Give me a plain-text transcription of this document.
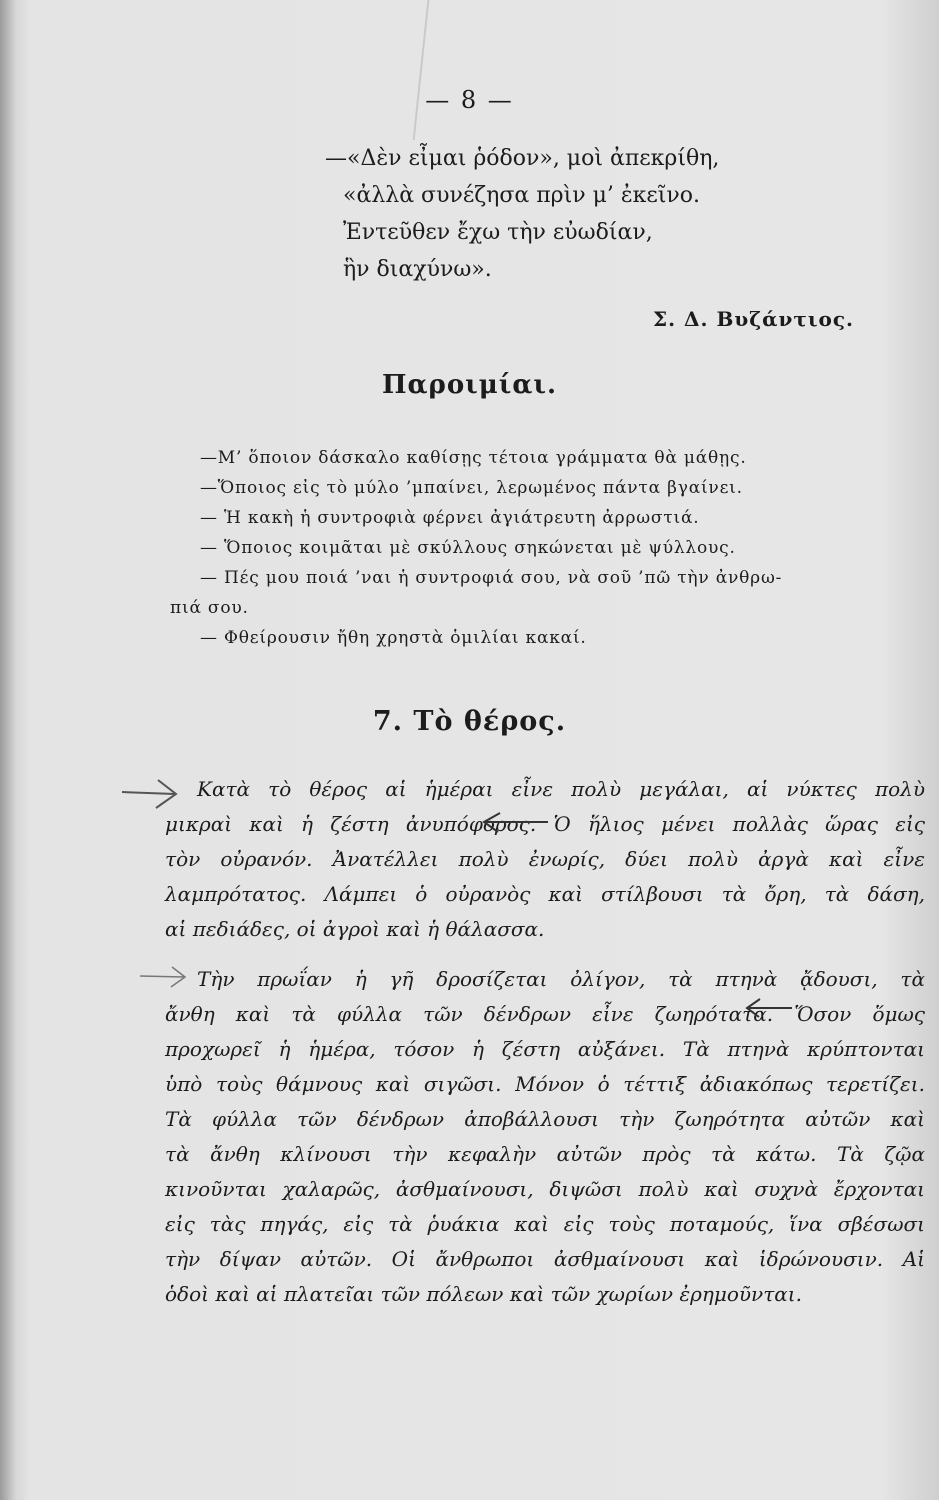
— 8 —
—«Δὲν εἶμαι ῥόδον», μοὶ ἀπεκρίθη,
«ἀλλὰ συνέζησα πρὶν μ’ ἐκεῖνο.
Ἐντεῦθεν ἔχω τὴν εὐωδίαν,
ἣν διαχύνω».
Σ. Δ. Βυζάντιος.
Παροιμίαι.
—Μ’ ὅποιον δάσκαλο καθίσῃς τέτοια γράμματα θὰ μάθῃς.
—Ὅποιος εἰς τὸ μύλο ’μπαίνει, λερωμένος πάντα βγαίνει.
— Ἡ κακὴ ἡ συντροφιὰ φέρνει ἀγιάτρευτη ἀρρωστιά.
— Ὅποιος κοιμᾶται μὲ σκύλλους σηκώνεται μὲ ψύλλους.
— Πές μου ποιά ’ναι ἡ συντροφιά σου, νὰ σοῦ ’πῶ τὴν ἀνθρω-
πιά σου.
— Φθείρουσιν ἤθη χρηστὰ ὁμιλίαι κακαί.
7. Τὸ θέρος.
Κατὰ τὸ θέρος αἱ ἡμέραι εἶνε πολὺ μεγάλαι, αἱ νύκτες πολὺ
μικραὶ καὶ ἡ ζέστη ἀνυπόφορος. Ὁ ἥλιος μένει πολλὰς ὥρας εἰς
τὸν οὐρανόν. Ἀνατέλλει πολὺ ἐνωρίς, δύει πολὺ ἀργὰ καὶ εἶνε
λαμπρότατος. Λάμπει ὁ οὐρανὸς καὶ στίλβουσι τὰ ὄρη, τὰ δάση,
αἱ πεδιάδες, οἱ ἀγροὶ καὶ ἡ θάλασσα.
Τὴν πρωΐαν ἡ γῆ δροσίζεται ὀλίγον, τὰ πτηνὰ ᾄδουσι, τὰ
ἄνθη καὶ τὰ φύλλα τῶν δένδρων εἶνε ζωηρότατα. Ὅσον ὅμως
προχωρεῖ ἡ ἡμέρα, τόσον ἡ ζέστη αὐξάνει. Τὰ πτηνὰ κρύπτονται
ὑπὸ τοὺς θάμνους καὶ σιγῶσι. Μόνον ὁ τέττιξ ἀδιακόπως τερετίζει.
Τὰ φύλλα τῶν δένδρων ἀποβάλλουσι τὴν ζωηρότητα αὐτῶν καὶ
τὰ ἄνθη κλίνουσι τὴν κεφαλὴν αὐτῶν πρὸς τὰ κάτω. Τὰ ζῷα
κινοῦνται χαλαρῶς, ἀσθμαίνουσι, διψῶσι πολὺ καὶ συχνὰ ἔρχονται
εἰς τὰς πηγάς, εἰς τὰ ῥυάκια καὶ εἰς τοὺς ποταμούς, ἵνα σβέσωσι
τὴν δίψαν αὐτῶν. Οἱ ἄνθρωποι ἀσθμαίνουσι καὶ ἱδρώνουσιν. Αἱ
ὁδοὶ καὶ αἱ πλατεῖαι τῶν πόλεων καὶ τῶν χωρίων ἐρημοῦνται.
